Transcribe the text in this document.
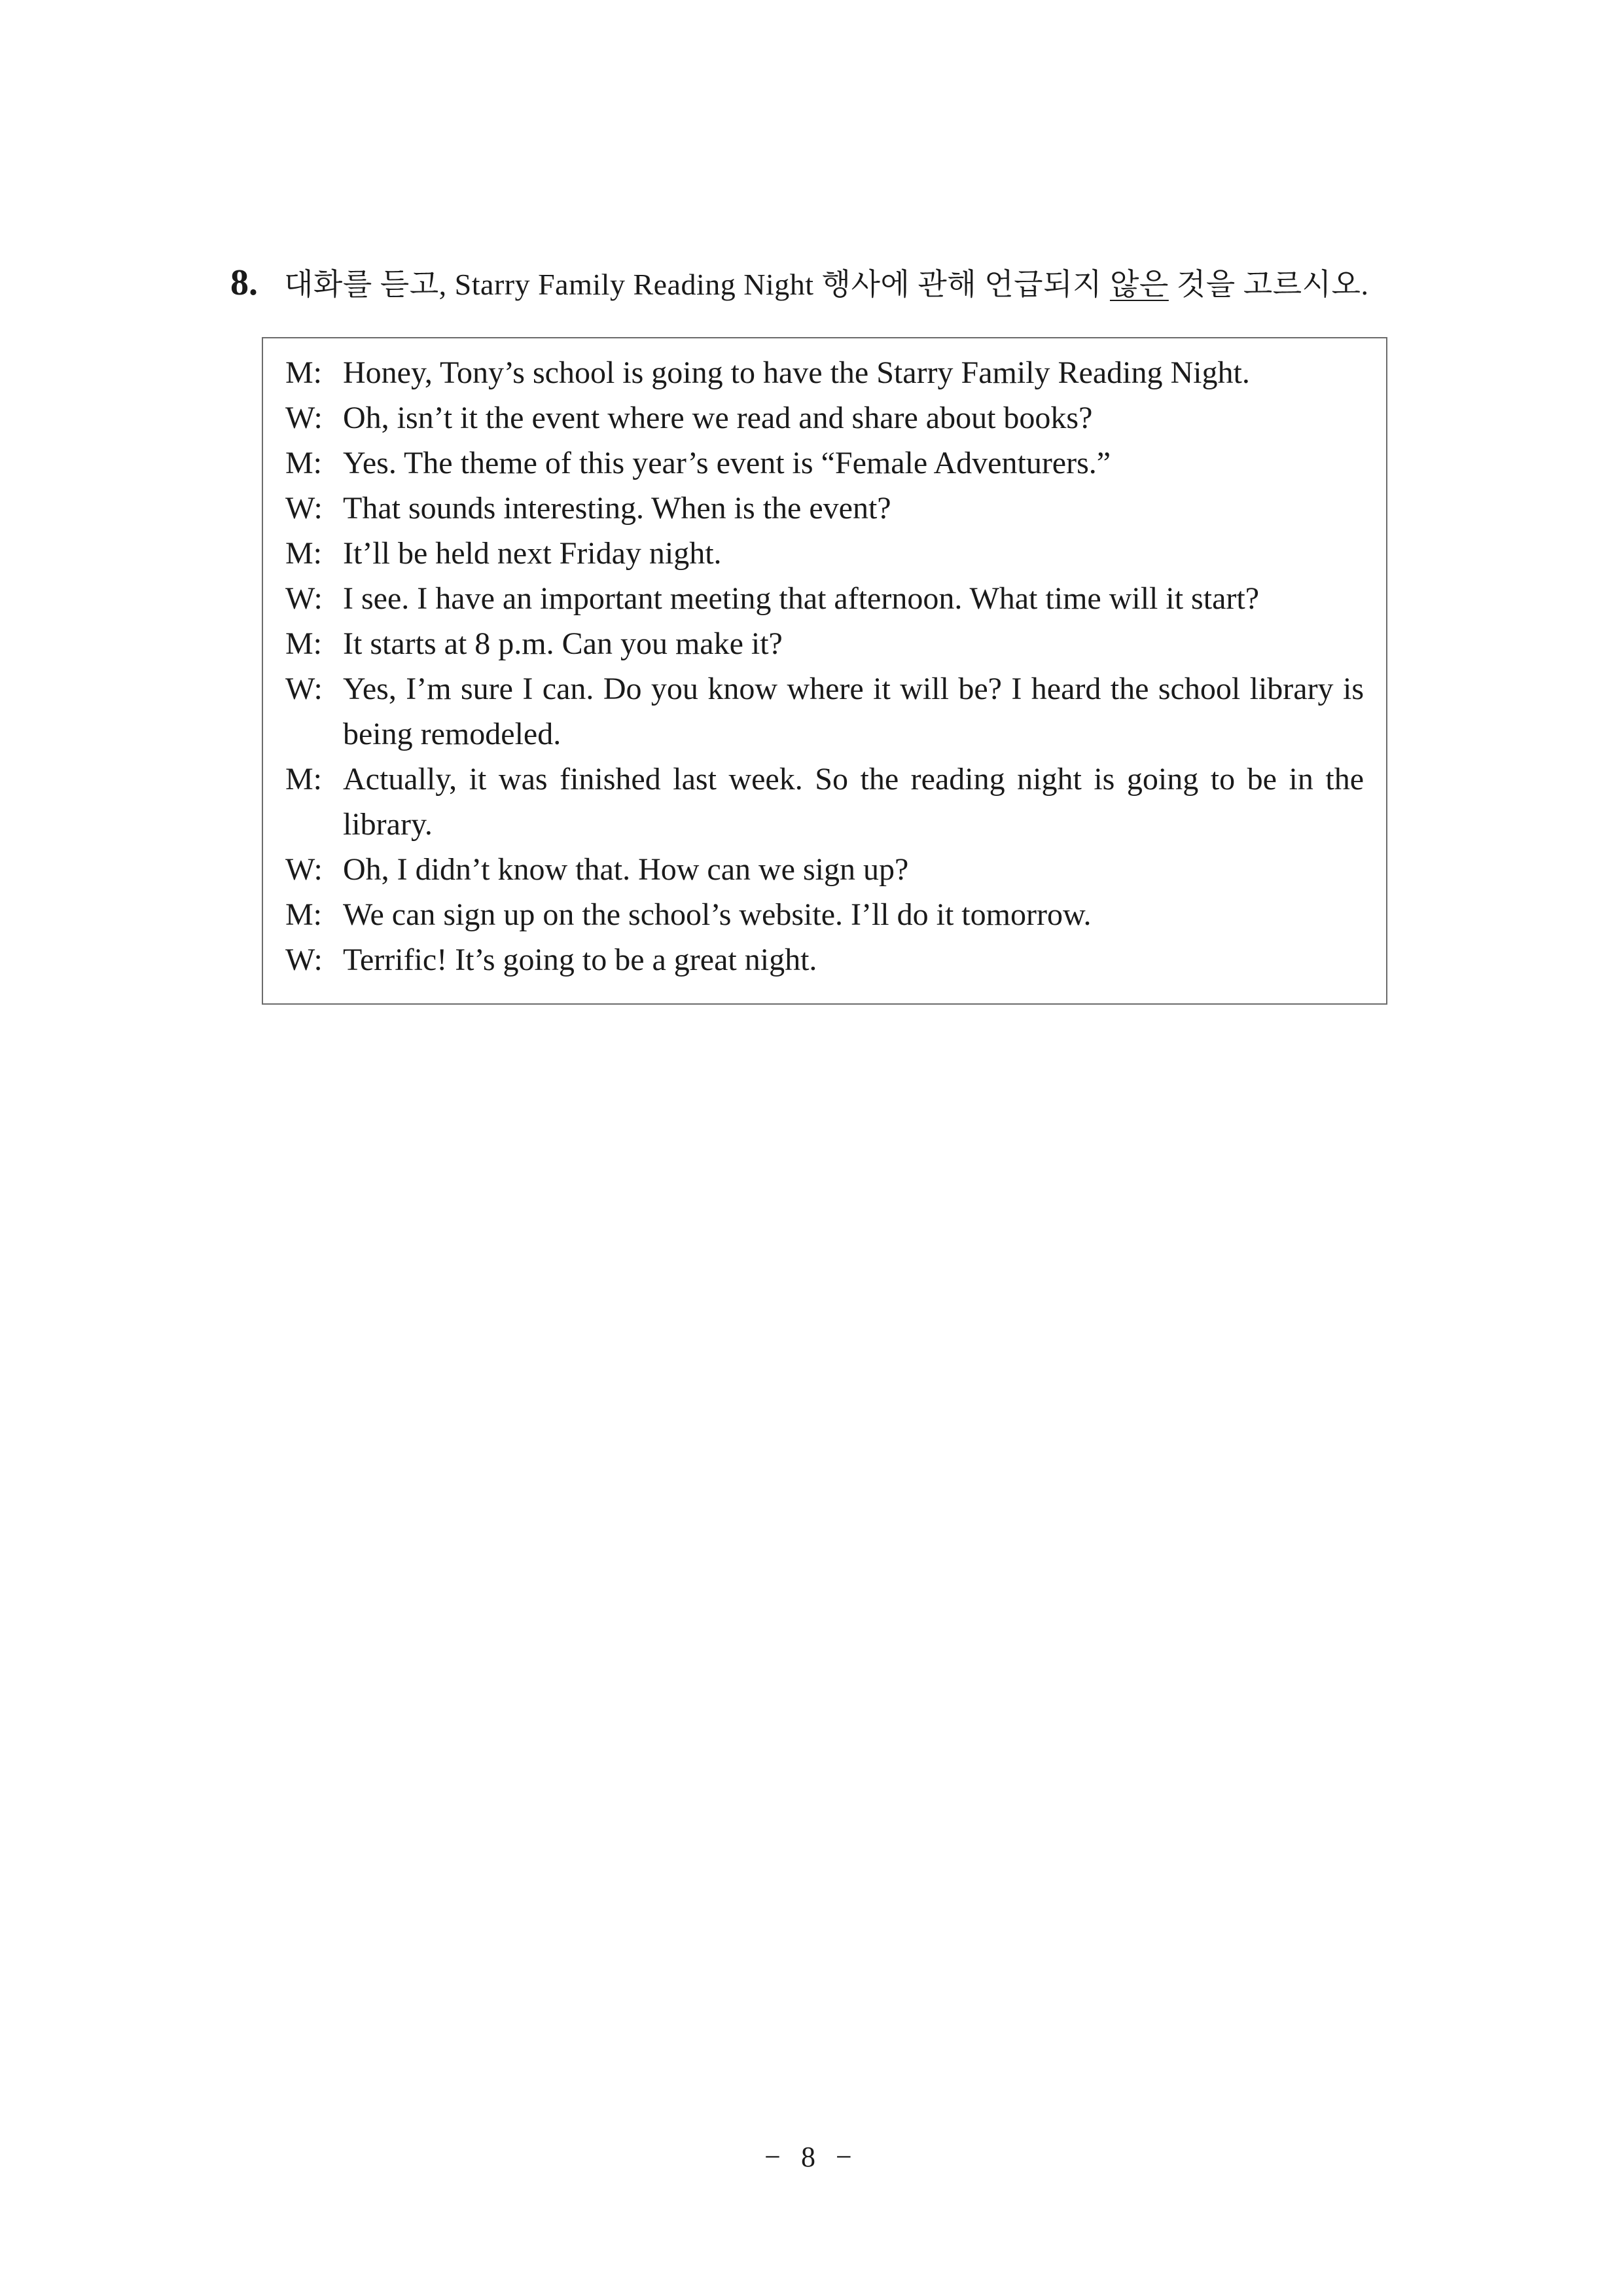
8. 대화를 듣고, Starry Family Reading Night 행사에 관해 언급되지 않은 것을 고르시오.
M: Honey, Tony’s school is going to have the Starry Family Reading Night.
W: Oh, isn’t it the event where we read and share about books?
M: Yes. The theme of this year’s event is “Female Adventurers.”
W: That sounds interesting. When is the event?
M: It’ll be held next Friday night.
W: I see. I have an important meeting that afternoon. What time will it start?
M: It starts at 8 p.m. Can you make it?
W: Yes, I’m sure I can. Do you know where it will be? I heard the school library is being remodeled.
M: Actually, it was finished last week. So the reading night is going to be in the library.
W: Oh, I didn’t know that. How can we sign up?
M: We can sign up on the school’s website. I’ll do it tomorrow.
W: Terrific! It’s going to be a great night.
− 8 −
